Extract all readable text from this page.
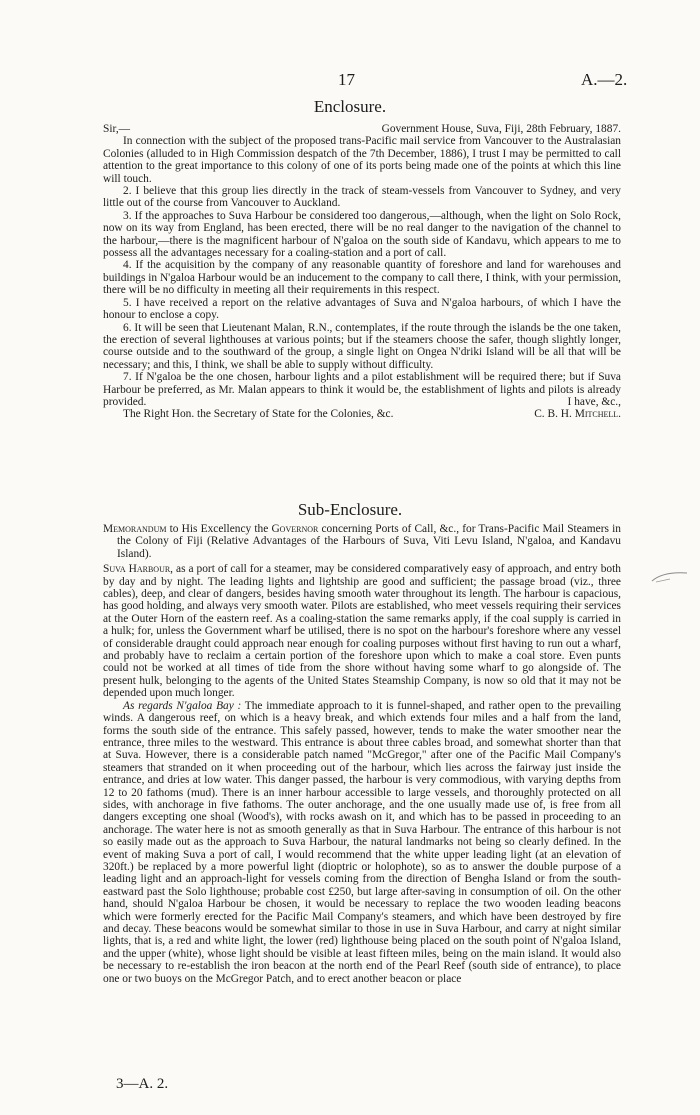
17	A.—2.
Enclosure.
Sir,—	Government House, Suva, Fiji, 28th February, 1887.

In connection with the subject of the proposed trans-Pacific mail service from Vancouver to the Australasian Colonies (alluded to in High Commission despatch of the 7th December, 1886), I trust I may be permitted to call attention to the great importance to this colony of one of its ports being made one of the points at which this line will touch.

2. I believe that this group lies directly in the track of steam-vessels from Vancouver to Sydney, and very little out of the course from Vancouver to Auckland.

3. If the approaches to Suva Harbour be considered too dangerous,—although, when the light on Solo Rock, now on its way from England, has been erected, there will be no real danger to the navigation of the channel to the harbour,—there is the magnificent harbour of N'galoa on the south side of Kandavu, which appears to me to possess all the advantages necessary for a coaling-station and a port of call.

4. If the acquisition by the company of any reasonable quantity of foreshore and land for warehouses and buildings in N'galoa Harbour would be an inducement to the company to call there, I think, with your permission, there will be no difficulty in meeting all their requirements in this respect.

5. I have received a report on the relative advantages of Suva and N'galoa harbours, of which I have the honour to enclose a copy.

6. It will be seen that Lieutenant Malan, R.N., contemplates, if the route through the islands be the one taken, the erection of several lighthouses at various points; but if the steamers choose the safer, though slightly longer, course outside and to the southward of the group, a single light on Ongea N'driki Island will be all that will be necessary; and this, I think, we shall be able to supply without difficulty.

7. If N'galoa be the one chosen, harbour lights and a pilot establishment will be required there; but if Suva Harbour be preferred, as Mr. Malan appears to think it would be, the establishment of lights and pilots is already provided.	I have, &c.,

The Right Hon. the Secretary of State for the Colonies, &c.	C. B. H. Mitchell.
Sub-Enclosure.

Memorandum to His Excellency the Governor concerning Ports of Call, &c., for Trans-Pacific Mail Steamers in the Colony of Fiji (Relative Advantages of the Harbours of Suva, Viti Levu Island, N'galoa, and Kandavu Island).

Suva Harbour, as a port of call for a steamer, may be considered comparatively easy of approach, and entry both by day and by night. The leading lights and lightship are good and sufficient; the passage broad (viz., three cables), deep, and clear of dangers, besides having smooth water throughout its length. The harbour is capacious, has good holding, and always very smooth water. Pilots are established, who meet vessels requiring their services at the Outer Horn of the eastern reef. As a coaling-station the same remarks apply, if the coal supply is carried in a hulk; for, unless the Government wharf be utilised, there is no spot on the harbour's foreshore where any vessel of considerable draught could approach near enough for coaling purposes without first having to run out a wharf, and probably have to reclaim a certain portion of the foreshore upon which to make a coal store. Even punts could not be worked at all times of tide from the shore without having some wharf to go alongside of. The present hulk, belonging to the agents of the United States Steamship Company, is now so old that it may not be depended upon much longer.

As regards N'galoa Bay : The immediate approach to it is funnel-shaped, and rather open to the prevailing winds. A dangerous reef, on which is a heavy break, and which extends four miles and a half from the land, forms the south side of the entrance. This safely passed, however, tends to make the water smoother near the entrance, three miles to the westward. This entrance is about three cables broad, and somewhat shorter than that at Suva. However, there is a considerable patch named "McGregor," after one of the Pacific Mail Company's steamers that stranded on it when proceeding out of the harbour, which lies across the fairway just inside the entrance, and dries at low water. This danger passed, the harbour is very commodious, with varying depths from 12 to 20 fathoms (mud). There is an inner harbour accessible to large vessels, and thoroughly protected on all sides, with anchorage in five fathoms. The outer anchorage, and the one usually made use of, is free from all dangers excepting one shoal (Wood's), with rocks awash on it, and which has to be passed in proceeding to an anchorage. The water here is not as smooth generally as that in Suva Harbour. The entrance of this harbour is not so easily made out as the approach to Suva Harbour, the natural landmarks not being so clearly defined. In the event of making Suva a port of call, I would recommend that the white upper leading light (at an elevation of 320ft.) be replaced by a more powerful light (dioptric or holophote), so as to answer the double purpose of a leading light and an approach-light for vessels coming from the direction of Bengha Island or from the south-eastward past the Solo lighthouse; probable cost £250, but large after-saving in consumption of oil. On the other hand, should N'galoa Harbour be chosen, it would be necessary to replace the two wooden leading beacons which were formerly erected for the Pacific Mail Company's steamers, and which have been destroyed by fire and decay. These beacons would be somewhat similar to those in use in Suva Harbour, and carry at night similar lights, that is, a red and white light, the lower (red) lighthouse being placed on the south point of N'galoa Island, and the upper (white), whose light should be visible at least fifteen miles, being on the main island. It would also be necessary to re-establish the iron beacon at the north end of the Pearl Reef (south side of entrance), to place one or two buoys on the McGregor Patch, and to erect another beacon or place

3—A. 2.
